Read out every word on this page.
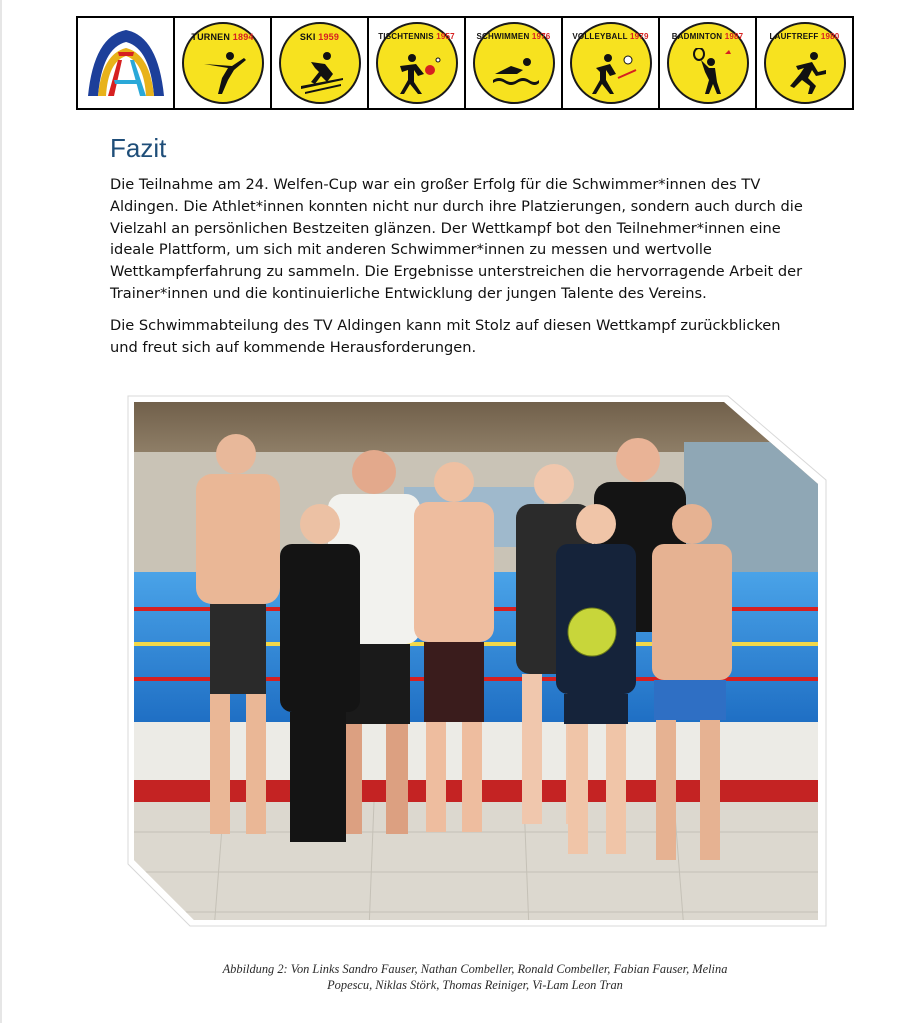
TURNEN 1894	SKI 1959	TISCHTENNIS 1957	SCHWIMMEN 1976	VOLLEYBALL 1979	BADMINTON 1987	LAUFTREFF 1980
Fazit

Die Teilnahme am 24. Welfen-Cup war ein großer Erfolg für die Schwimmer*innen des TV Aldingen. Die Athlet*innen konnten nicht nur durch ihre Platzierungen, sondern auch durch die Vielzahl an persönlichen Bestzeiten glänzen. Der Wettkampf bot den Teilnehmer*innen eine ideale Plattform, um sich mit anderen Schwimmer*innen zu messen und wertvolle Wettkampferfahrung zu sammeln. Die Ergebnisse unterstreichen die hervorragende Arbeit der Trainer*innen und die kontinuierliche Entwicklung der jungen Talente des Vereins.

Die Schwimmabteilung des TV Aldingen kann mit Stolz auf diesen Wettkampf zurückblicken und freut sich auf kommende Herausforderungen.

Abbildung 2: Von Links Sandro Fauser, Nathan Combeller, Ronald Combeller, Fabian Fauser, Melina
Popescu, Niklas Störk, Thomas Reiniger, Vi-Lam Leon Tran
